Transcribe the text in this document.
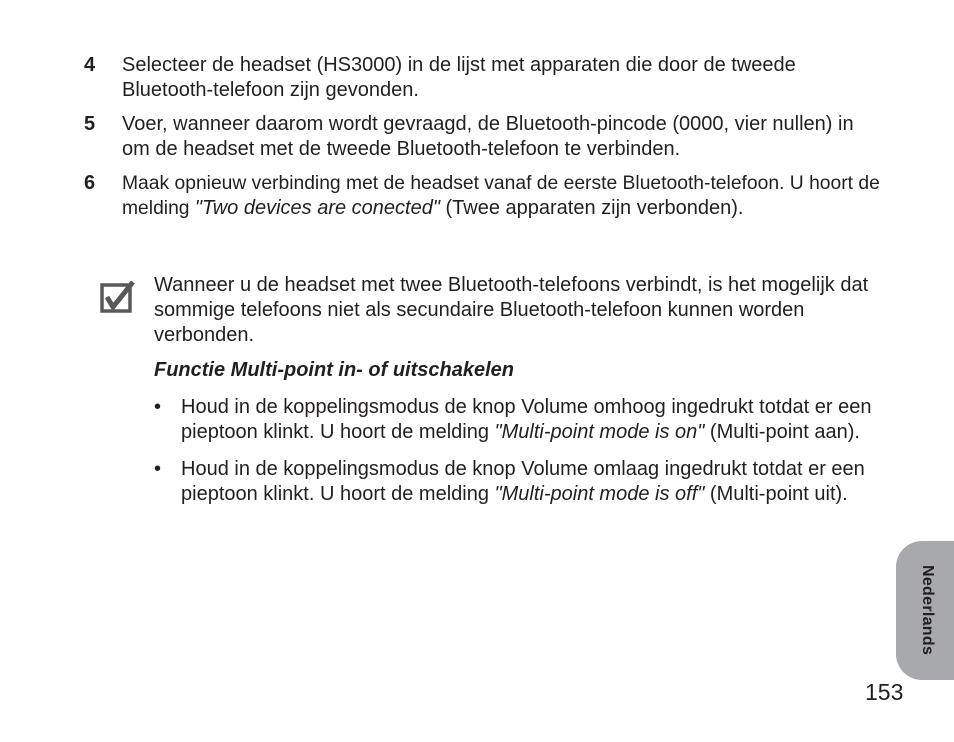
4 Selecteer de headset (HS3000) in de lijst met apparaten die door de tweede Bluetooth-telefoon zijn gevonden.
5 Voer, wanneer daarom wordt gevraagd, de Bluetooth-pincode (0000, vier nullen) in om de headset met de tweede Bluetooth-telefoon te verbinden.
6 Maak opnieuw verbinding met de headset vanaf de eerste Bluetooth-telefoon. U hoort de melding "Two devices are conected" (Twee apparaten zijn verbonden).

Wanneer u de headset met twee Bluetooth-telefoons verbindt, is het mogelijk dat sommige telefoons niet als secundaire Bluetooth-telefoon kunnen worden verbonden.

Functie Multi-point in- of uitschakelen

• Houd in de koppelingsmodus de knop Volume omhoog ingedrukt totdat er een pieptoon klinkt. U hoort de melding "Multi-point mode is on" (Multi-point aan).
• Houd in de koppelingsmodus de knop Volume omlaag ingedrukt totdat er een pieptoon klinkt. U hoort de melding "Multi-point mode is off" (Multi-point uit).
Nederlands
153
